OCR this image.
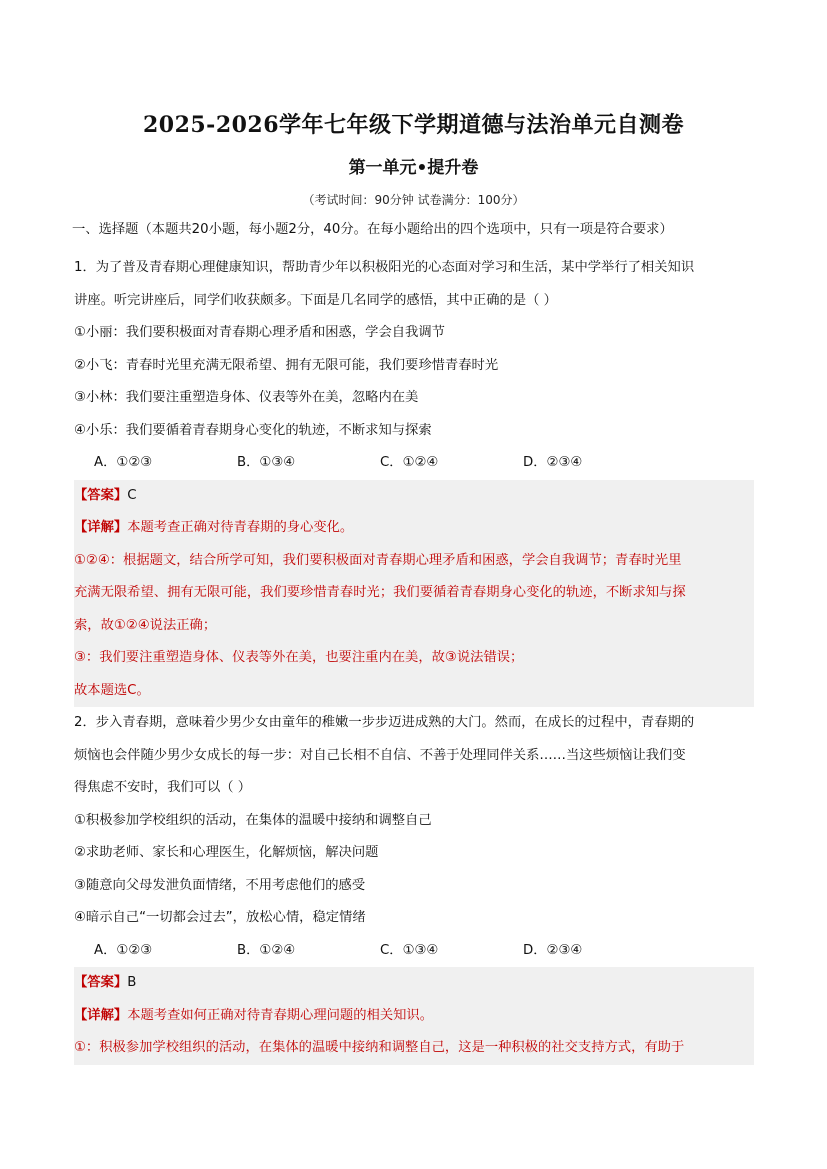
2025-2026学年七年级下学期道德与法治单元自测卷
第一单元•提升卷
（考试时间：90分钟 试卷满分：100分）
一、选择题（本题共20小题，每小题2分，40分。在每小题给出的四个选项中，只有一项是符合要求）
1．为了普及青春期心理健康知识，帮助青少年以积极阳光的心态面对学习和生活，某中学举行了相关知识
讲座。听完讲座后，同学们收获颇多。下面是几名同学的感悟，其中正确的是（ ）
①小丽：我们要积极面对青春期心理矛盾和困惑，学会自我调节
②小飞：青春时光里充满无限希望、拥有无限可能，我们要珍惜青春时光
③小林：我们要注重塑造身体、仪表等外在美，忽略内在美
④小乐：我们要循着青春期身心变化的轨迹，不断求知与探索
A．①②③	B．①③④	C．①②④	D．②③④
【答案】C
【详解】本题考查正确对待青春期的身心变化。
①②④：根据题文，结合所学可知，我们要积极面对青春期心理矛盾和困惑，学会自我调节；青春时光里
充满无限希望、拥有无限可能，我们要珍惜青春时光；我们要循着青春期身心变化的轨迹，不断求知与探
索，故①②④说法正确；
③：我们要注重塑造身体、仪表等外在美，也要注重内在美，故③说法错误；
故本题选C。
2．步入青春期，意味着少男少女由童年的稚嫩一步步迈进成熟的大门。然而，在成长的过程中，青春期的
烦恼也会伴随少男少女成长的每一步：对自己长相不自信、不善于处理同伴关系……当这些烦恼让我们变
得焦虑不安时，我们可以（ ）
①积极参加学校组织的活动，在集体的温暖中接纳和调整自己
②求助老师、家长和心理医生，化解烦恼，解决问题
③随意向父母发泄负面情绪，不用考虑他们的感受
④暗示自己“一切都会过去”，放松心情，稳定情绪
A．①②③	B．①②④	C．①③④	D．②③④
【答案】B
【详解】本题考查如何正确对待青春期心理问题的相关知识。
①：积极参加学校组织的活动，在集体的温暖中接纳和调整自己，这是一种积极的社交支持方式，有助于
